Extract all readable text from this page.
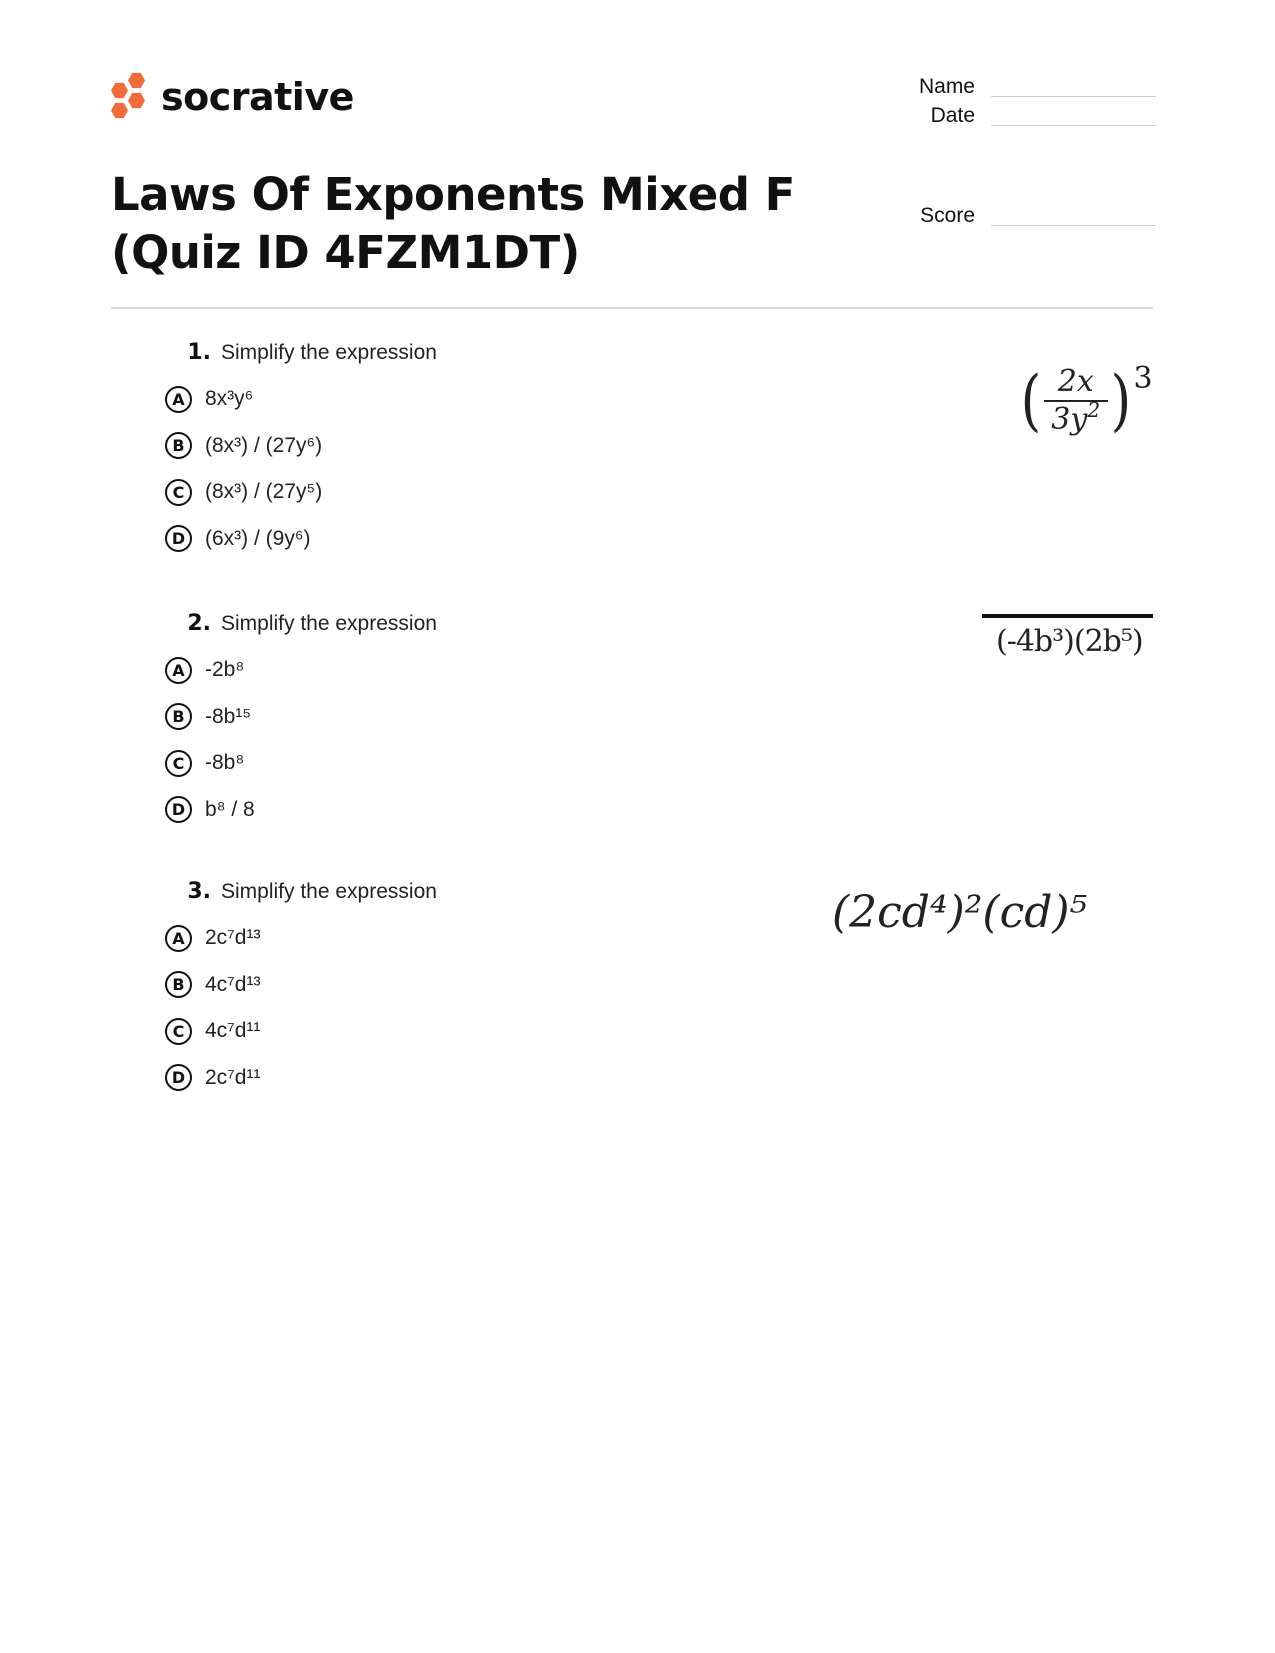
socrative	Name
Date
Score
Laws Of Exponents Mixed F (Quiz ID 4FZM1DT)
1. Simplify the expression
A 8x³y⁶
B (8x³) / (27y⁶)
C (8x³) / (27y⁵)
D (6x³) / (9y⁶)
( $\frac{2x}{3y^2}$ ) 3
2. Simplify the expression
A -2b⁸
B -8b¹⁵
C -8b⁸
D b⁸ / 8
(-4b³)(2b⁵)
3. Simplify the expression
A 2c⁷d¹³
B 4c⁷d¹³
C 4c⁷d¹¹
D 2c⁷d¹¹
(2cd⁴)²(cd)⁵
